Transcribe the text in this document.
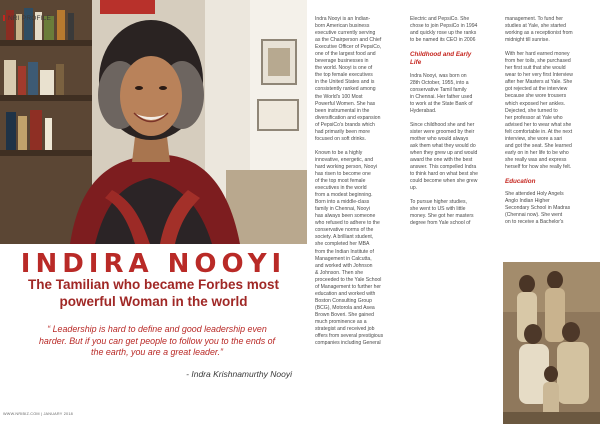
NRI PROFILE
INDIRA NOOYI
The Tamilian who became Forbes most
powerful Woman in the world
“ Leadership is hard to define and good leadership even
harder. But if you can get people to follow you to the ends of
the earth, you are a great leader.”
- Indra Krishnamurthy Nooyi
WWW.NRIBIZ.COM | JANUARY 2018

Indra Nooyi is an Indian-
born American business
executive currently serving
as the Chairperson and Chief
Executive Officer of PepsiCo,
one of the largest food and
beverage businesses in
the world. Nooyi is one of
the top female executives
in the United States and is
consistently ranked among
the World's 100 Most
Powerful Women. She has
been instrumental in the
diversification and expansion
of PepsiCo's brands which
had primarily been more
focused on soft drinks.

Known to be a highly
innovative, energetic, and
hard working person, Nooyi
has risen to become one
of the top most female
executives in the world
from a modest beginning.
Born into a middle-class
family in Chennai, Nooyi
has always been someone
who refused to adhere to the
conservative norms of the
society. A brilliant student,
she completed her MBA
from the Indian Institute of
Management in Calcutta,
and worked with Johnson
& Johnson. Then she
proceeded to the Yale School
of Management to further her
education and worked with
Boston Consulting Group
(BCG), Motorola and Asea
Brown Boveri. She gained
much prominence as a
strategist and received job
offers from several prestigious
companies including General

Electric and PepsiCo. She
chose to join PepsiCo in 1994
and quickly rose up the ranks
to be named its CEO in 2006

Childhood and Early
Life

Indra Nooyi, was born on
28th October, 1955, into a
conservative Tamil family
in Chennai. Her father used
to work at the State Bank of
Hyderabad.

Since childhood she and her
sister were groomed by their
mother who would always
ask them what they would do
when they grew up and would
award the one with the best
answer. This compelled Indra
to think hard on what best she
could become when she grew
up.

To pursue higher studies,
she went to US with little
money. She got her masters
degree from Yale school of

management. To fund her
studies at Yale, she started
working as a receptionist from
midnight till sunrise.

With her hard earned money
from her toils, she purchased
her first suit that she would
wear to her very first Interview
after her Masters at Yale. She
got rejected at the interview
because she wore trousers
which exposed her ankles.
Dejected, she turned to
her professor at Yale who
advised her to wear what she
felt comfortable in. At the next
interview, she wore a sari
and got the seat. She learned
early on in her life to be who
she really was and express
herself for how she really felt.

Education

She attended Holy Angels
Anglo Indian Higher
Secondary School in Madras
(Chennai now). She went
on to receive a Bachelor's
